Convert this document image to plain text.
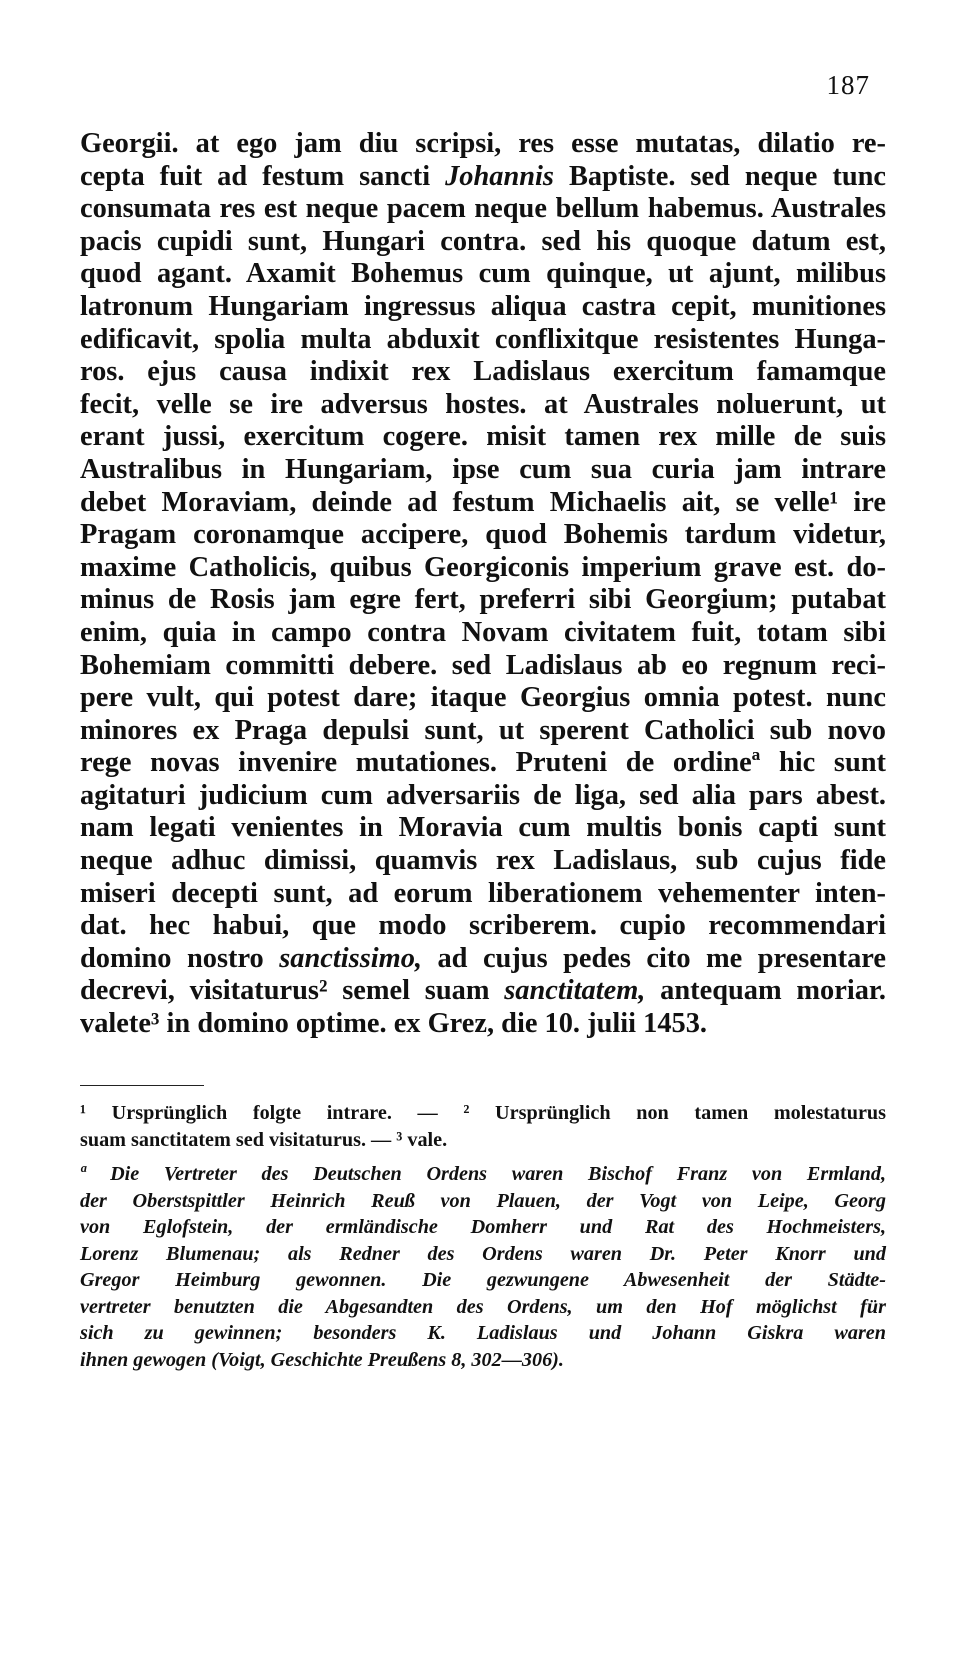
187
Georgii. at ego jam diu scripsi, res esse mutatas, dilatio re-
cepta fuit ad festum sancti Johannis Baptiste. sed neque tunc
consumata res est neque pacem neque bellum habemus. Australes
pacis cupidi sunt, Hungari contra. sed his quoque datum est,
quod agant. Axamit Bohemus cum quinque, ut ajunt, milibus
latronum Hungariam ingressus aliqua castra cepit, munitiones
edificavit, spolia multa abduxit conflixitque resistentes Hunga-
ros. ejus causa indixit rex Ladislaus exercitum famamque
fecit, velle se ire adversus hostes. at Australes noluerunt, ut
erant jussi, exercitum cogere. misit tamen rex mille de suis
Australibus in Hungariam, ipse cum sua curia jam intrare
debet Moraviam, deinde ad festum Michaelis ait, se velle¹ ire
Pragam coronamque accipere, quod Bohemis tardum videtur,
maxime Catholicis, quibus Georgiconis imperium grave est. do-
minus de Rosis jam egre fert, preferri sibi Georgium; putabat
enim, quia in campo contra Novam civitatem fuit, totam sibi
Bohemiam committi debere. sed Ladislaus ab eo regnum reci-
pere vult, qui potest dare; itaque Georgius omnia potest. nunc
minores ex Praga depulsi sunt, ut sperent Catholici sub novo
rege novas invenire mutationes. Pruteni de ordineª hic sunt
agitaturi judicium cum adversariis de liga, sed alia pars abest.
nam legati venientes in Moravia cum multis bonis capti sunt
neque adhuc dimissi, quamvis rex Ladislaus, sub cujus fide
miseri decepti sunt, ad eorum liberationem vehementer inten-
dat. hec habui, que modo scriberem. cupio recommendari
domino nostro sanctissimo, ad cujus pedes cito me presentare
decrevi, visitaturus² semel suam sanctitatem, antequam moriar.
valete³ in domino optime. ex Grez, die 10. julii 1453.
¹ Ursprünglich folgte intrare. — ² Ursprünglich non tamen molestaturus
suam sanctitatem sed visitaturus. — ³ vale.
ª Die Vertreter des Deutschen Ordens waren Bischof Franz von Ermland,
der Oberstspittler Heinrich Reuß von Plauen, der Vogt von Leipe, Georg
von Eglofstein, der ermländische Domherr und Rat des Hochmeisters,
Lorenz Blumenau; als Redner des Ordens waren Dr. Peter Knorr und
Gregor Heimburg gewonnen. Die gezwungene Abwesenheit der Städte-
vertreter benutzten die Abgesandten des Ordens, um den Hof möglichst für
sich zu gewinnen; besonders K. Ladislaus und Johann Giskra waren
ihnen gewogen (Voigt, Geschichte Preußens 8, 302—306).
